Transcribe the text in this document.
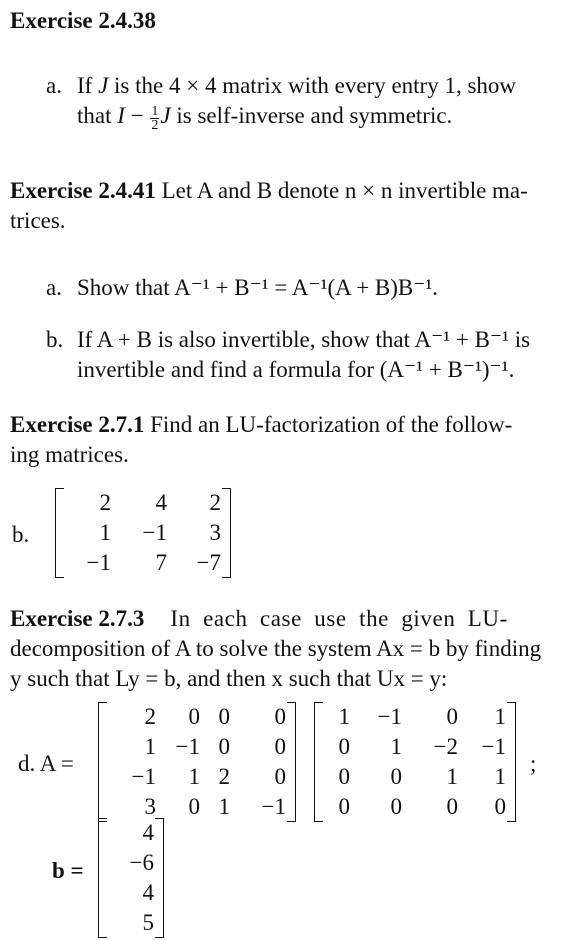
Exercise 2.4.38
a. If J is the 4 × 4 matrix with every entry 1, show
that $I - \frac{1}{2}$ J is self-inverse and symmetric.
Exercise 2.4.41 Let A and B denote n × n invertible ma-
trices.
a. Show that A⁻¹ + B⁻¹ = A⁻¹(A + B)B⁻¹.
b. If A + B is also invertible, show that A⁻¹ + B⁻¹ is
invertible and find a formula for (A⁻¹ + B⁻¹)⁻¹.
Exercise 2.7.1 Find an LU-factorization of the follow-
ing matrices.
b.
2	4	2
1	−1	3
−1	7	−7
Exercise 2.7.3 In each case use the given LU-
decomposition of A to solve the system Ax = b by finding
y such that Ly = b, and then x such that Ux = y:
d. A =
2	0	0	0
1	−1	0	0
−1	1	2	0
3	0	1	−1
1	−1	0	1
0	1	−2	−1
0	0	1	1
0	0	0	0
;
b =
4
−6
4
5
